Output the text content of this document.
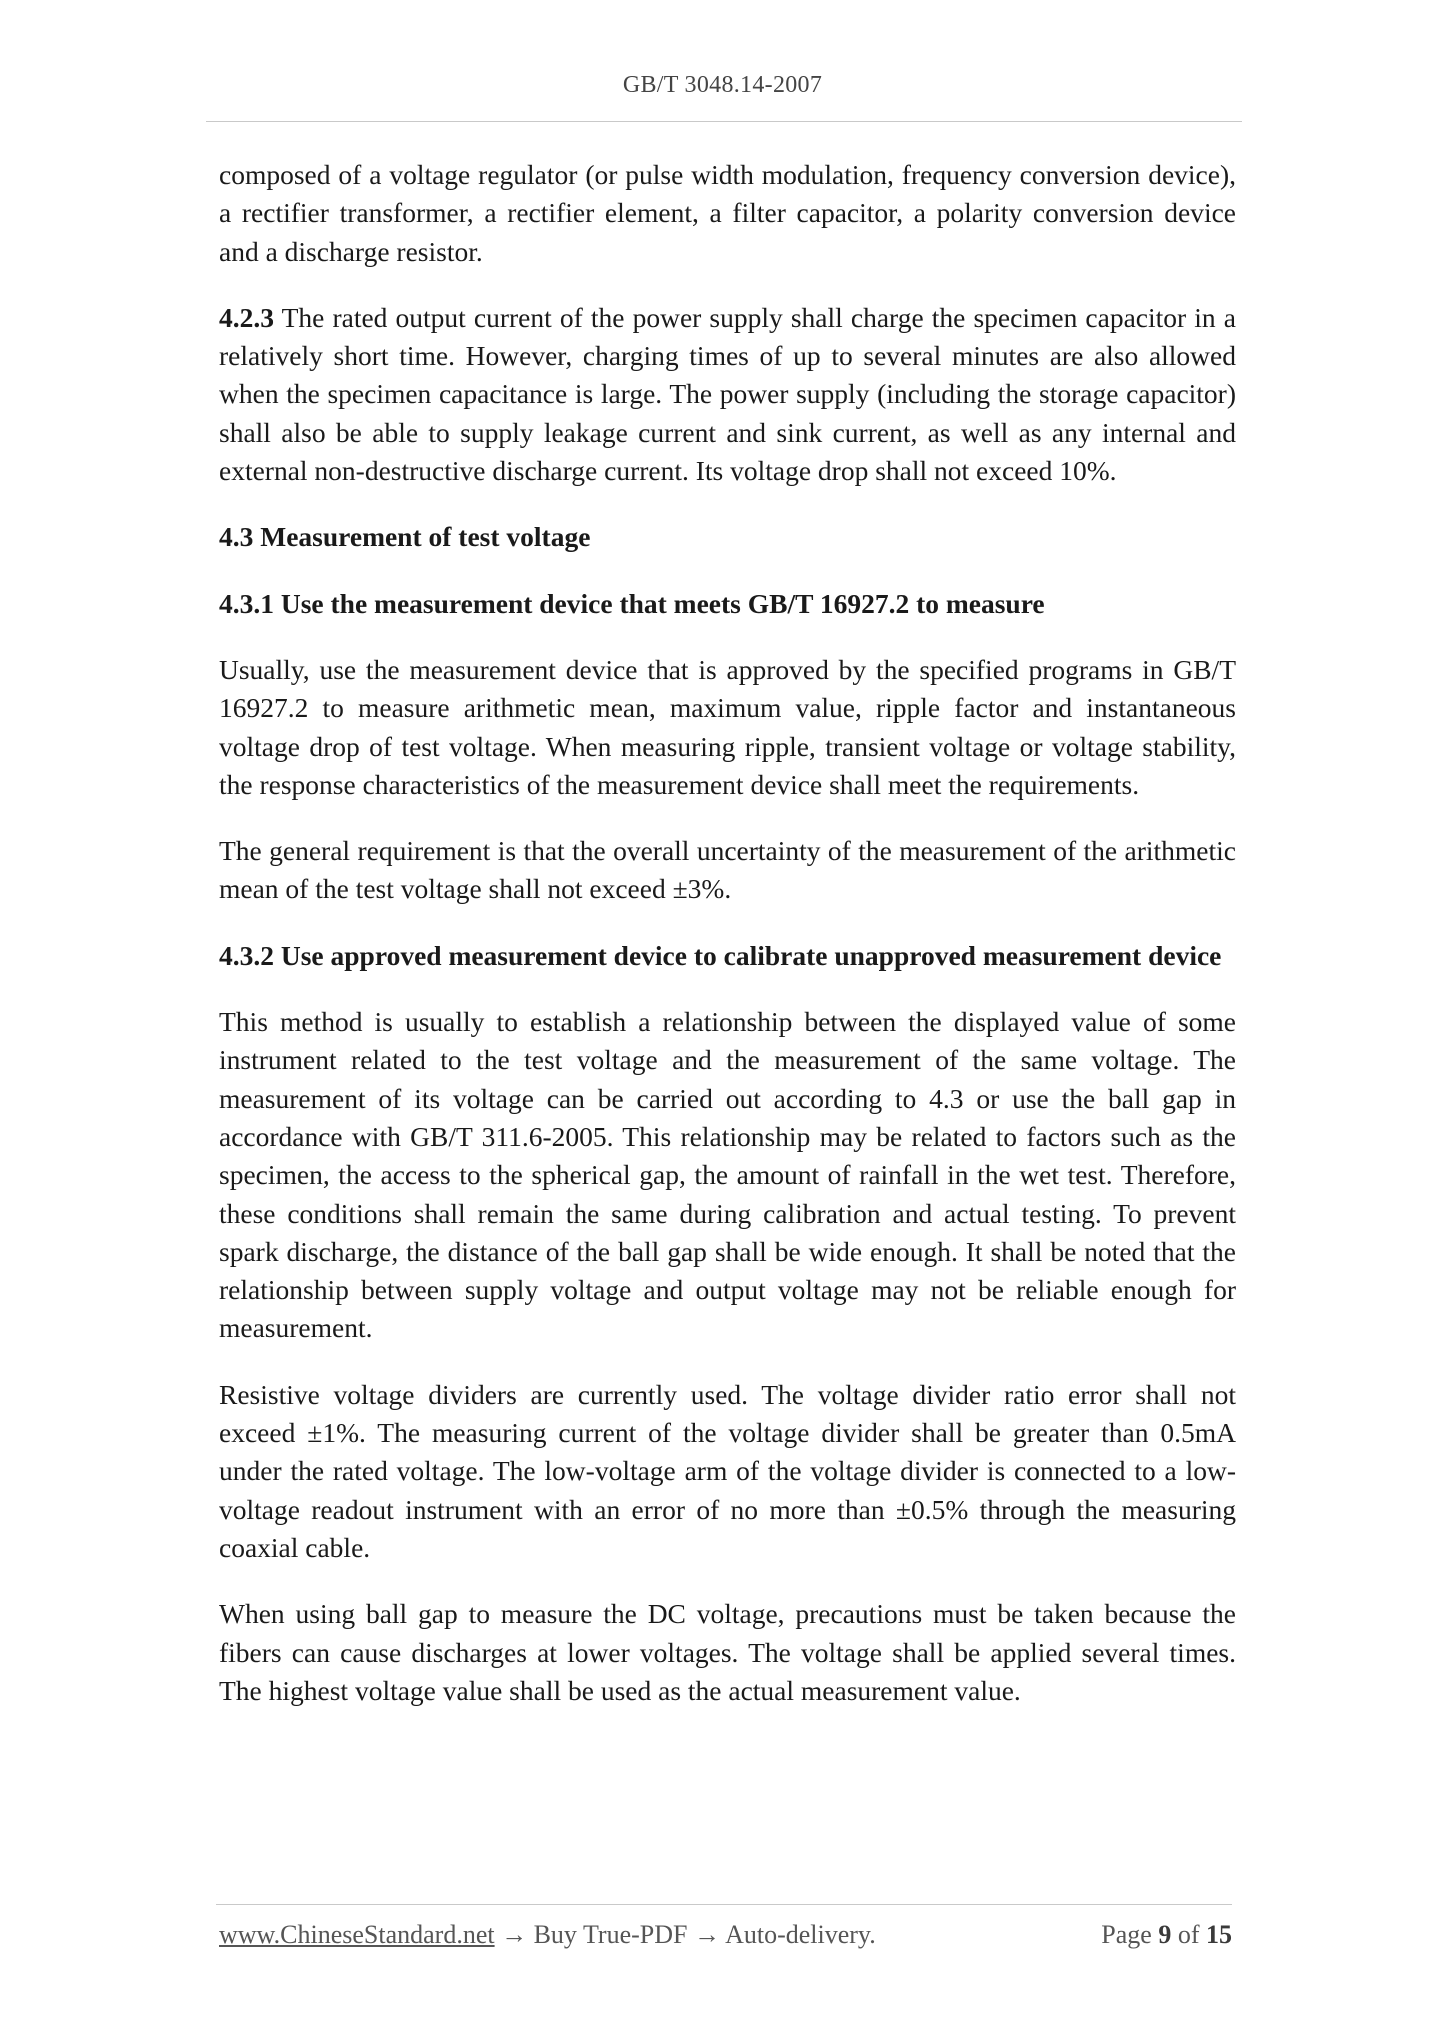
GB/T 3048.14-2007

composed of a voltage regulator (or pulse width modulation, frequency conversion device), a rectifier transformer, a rectifier element, a filter capacitor, a polarity conversion device and a discharge resistor.

4.2.3 The rated output current of the power supply shall charge the specimen capacitor in a relatively short time. However, charging times of up to several minutes are also allowed when the specimen capacitance is large. The power supply (including the storage capacitor) shall also be able to supply leakage current and sink current, as well as any internal and external non-destructive discharge current. Its voltage drop shall not exceed 10%.

4.3 Measurement of test voltage
4.3.1 Use the measurement device that meets GB/T 16927.2 to measure

Usually, use the measurement device that is approved by the specified programs in GB/T 16927.2 to measure arithmetic mean, maximum value, ripple factor and instantaneous voltage drop of test voltage. When measuring ripple, transient voltage or voltage stability, the response characteristics of the measurement device shall meet the requirements.

The general requirement is that the overall uncertainty of the measurement of the arithmetic mean of the test voltage shall not exceed ±3%.

4.3.2 Use approved measurement device to calibrate unapproved measurement device

This method is usually to establish a relationship between the displayed value of some instrument related to the test voltage and the measurement of the same voltage. The measurement of its voltage can be carried out according to 4.3 or use the ball gap in accordance with GB/T 311.6-2005. This relationship may be related to factors such as the specimen, the access to the spherical gap, the amount of rainfall in the wet test. Therefore, these conditions shall remain the same during calibration and actual testing. To prevent spark discharge, the distance of the ball gap shall be wide enough. It shall be noted that the relationship between supply voltage and output voltage may not be reliable enough for measurement.

Resistive voltage dividers are currently used. The voltage divider ratio error shall not exceed ±1%. The measuring current of the voltage divider shall be greater than 0.5mA under the rated voltage. The low-voltage arm of the voltage divider is connected to a low-voltage readout instrument with an error of no more than ±0.5% through the measuring coaxial cable.

When using ball gap to measure the DC voltage, precautions must be taken because the fibers can cause discharges at lower voltages. The voltage shall be applied several times. The highest voltage value shall be used as the actual measurement value.

www.ChineseStandard.net → Buy True-PDF → Auto-delivery.	Page 9 of 15
